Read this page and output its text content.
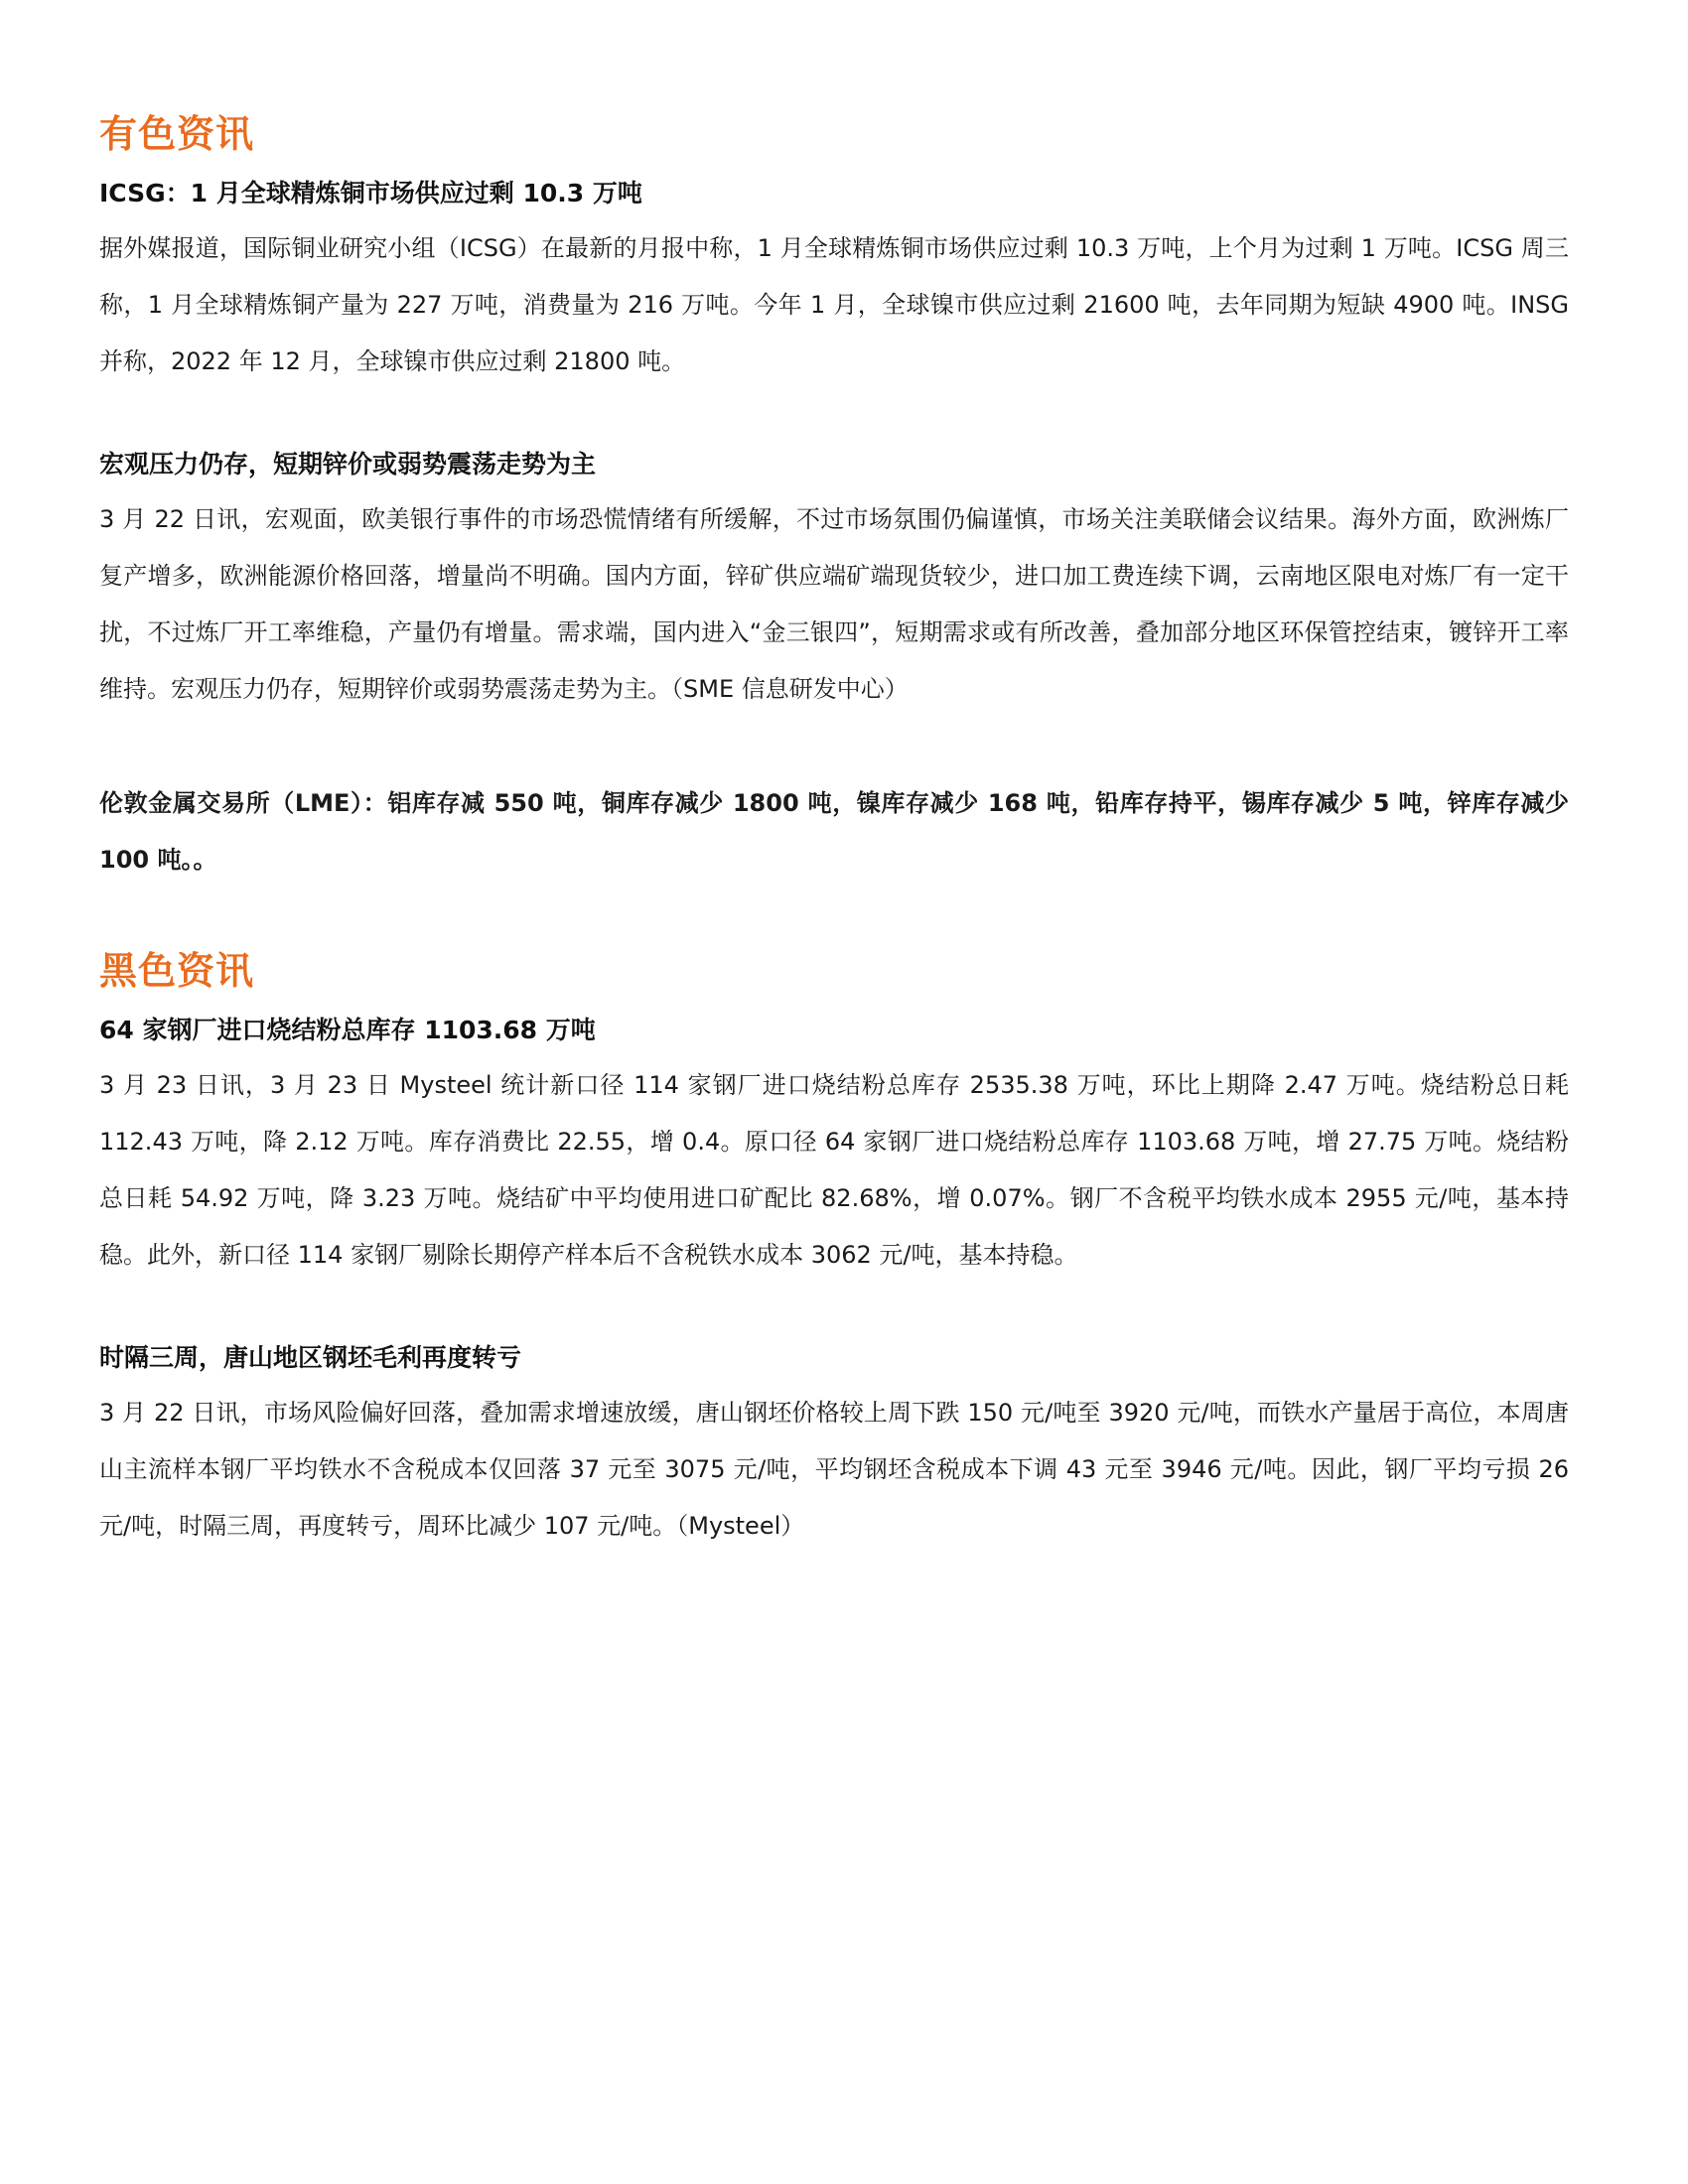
有色资讯
ICSG：1 月全球精炼铜市场供应过剩 10.3 万吨

据外媒报道，国际铜业研究小组（ICSG）在最新的月报中称，1 月全球精炼铜市场供应过剩 10.3 万吨，上个月为过剩 1 万吨。ICSG 周三称，1 月全球精炼铜产量为 227 万吨，消费量为 216 万吨。今年 1 月，全球镍市供应过剩 21600 吨，去年同期为短缺 4900 吨。INSG 并称，2022 年 12 月，全球镍市供应过剩 21800 吨。

宏观压力仍存，短期锌价或弱势震荡走势为主

3 月 22 日讯，宏观面，欧美银行事件的市场恐慌情绪有所缓解，不过市场氛围仍偏谨慎，市场关注美联储会议结果。海外方面，欧洲炼厂复产增多，欧洲能源价格回落，增量尚不明确。国内方面，锌矿供应端矿端现货较少，进口加工费连续下调，云南地区限电对炼厂有一定干扰，不过炼厂开工率维稳，产量仍有增量。需求端，国内进入“金三银四”，短期需求或有所改善，叠加部分地区环保管控结束，镀锌开工率维持。宏观压力仍存，短期锌价或弱势震荡走势为主。（SME 信息研发中心）

伦敦金属交易所（LME）：铝库存减 550 吨，铜库存减少 1800 吨，镍库存减少 168 吨，铅库存持平，锡库存减少 5 吨，锌库存减少 100 吨。。

黑色资讯
64 家钢厂进口烧结粉总库存 1103.68 万吨

3 月 23 日讯，3 月 23 日 Mysteel 统计新口径 114 家钢厂进口烧结粉总库存 2535.38 万吨，环比上期降 2.47 万吨。烧结粉总日耗 112.43 万吨，降 2.12 万吨。库存消费比 22.55，增 0.4。原口径 64 家钢厂进口烧结粉总库存 1103.68 万吨，增 27.75 万吨。烧结粉总日耗 54.92 万吨，降 3.23 万吨。烧结矿中平均使用进口矿配比 82.68%，增 0.07%。钢厂不含税平均铁水成本 2955 元/吨，基本持稳。此外，新口径 114 家钢厂剔除长期停产样本后不含税铁水成本 3062 元/吨，基本持稳。

时隔三周，唐山地区钢坯毛利再度转亏

3 月 22 日讯，市场风险偏好回落，叠加需求增速放缓，唐山钢坯价格较上周下跌 150 元/吨至 3920 元/吨，而铁水产量居于高位，本周唐山主流样本钢厂平均铁水不含税成本仅回落 37 元至 3075 元/吨，平均钢坯含税成本下调 43 元至 3946 元/吨。因此，钢厂平均亏损 26 元/吨，时隔三周，再度转亏，周环比减少 107 元/吨。（Mysteel）
